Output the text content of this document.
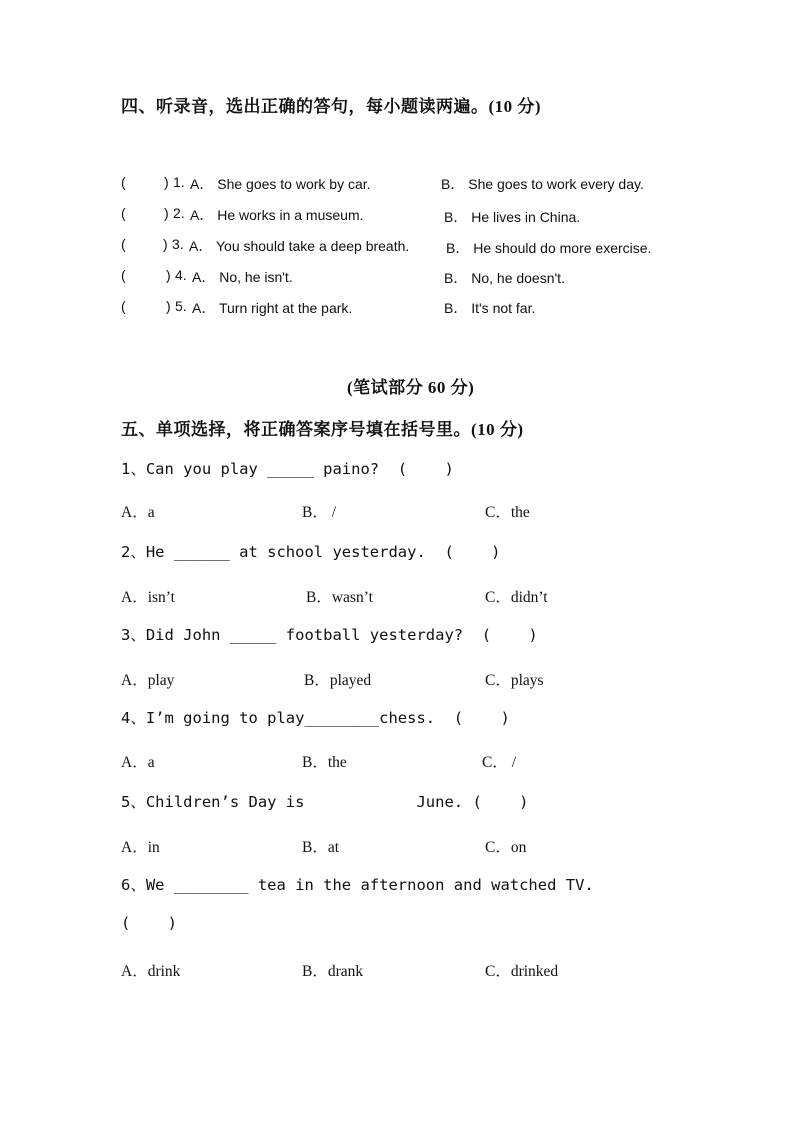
四、听录音，选出正确的答句，每小题读两遍。(10 分)
(	) 1. A． She goes to work by car.	B． She goes to work every day.
(	) 2. A． He works in a museum.	B． He lives in China.
(	) 3. A． You should take a deep breath.	B． He should do more exercise.
(	) 4. A． No, he isn't.	B． No, he doesn't.
(	) 5. A． Turn right at the park.	B． It's not far.
(笔试部分 60 分)
五、单项选择，将正确答案序号填在括号里。(10 分)
1、Can you play _____ paino?  (    )
A．a	B． /	C．the
2、He ______ at school yesterday.  (    )
A．isn’t	B．wasn’t	C．didn’t
3、Did John _____ football yesterday?  (    )
A．play	B．played	C．plays
4、I’m going to play________chess.  (    )
A．a	B．the	C． /
5、Children’s Day is            June. (    )
A．in	B．at	C．on
6、We ________ tea in the afternoon and watched TV.
(    )
A．drink	B．drank	C．drinked
